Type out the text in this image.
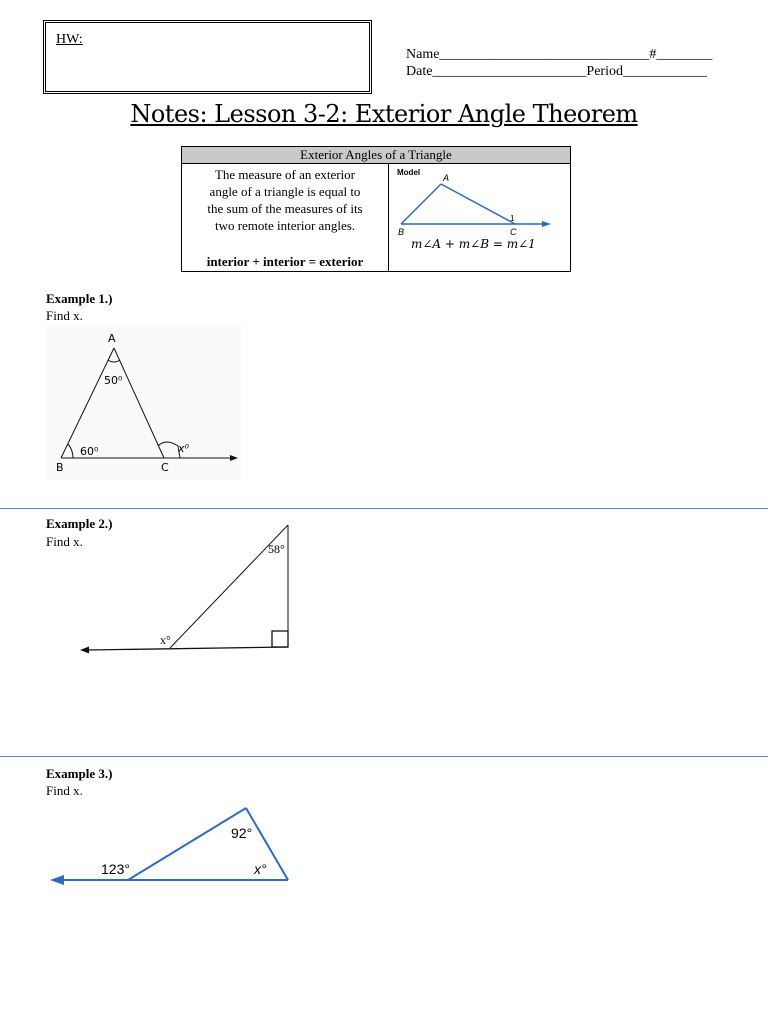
HW:
Name______________________________#________
Date______________________Period____________
Notes: Lesson 3-2: Exterior Angle Theorem
Exterior Angles of a Triangle
The measure of an exterior
angle of a triangle is equal to
the sum of the measures of its
two remote interior angles.
interior + interior = exterior
Model
A
B	C
1
m∠A + m∠B = m∠1
Example 1.)
Find x.
A
B	C
50⁰
60⁰	x⁰
Example 2.)
Find x.	58°
x°
Example 3.)
Find x.
123°
92°
x°
